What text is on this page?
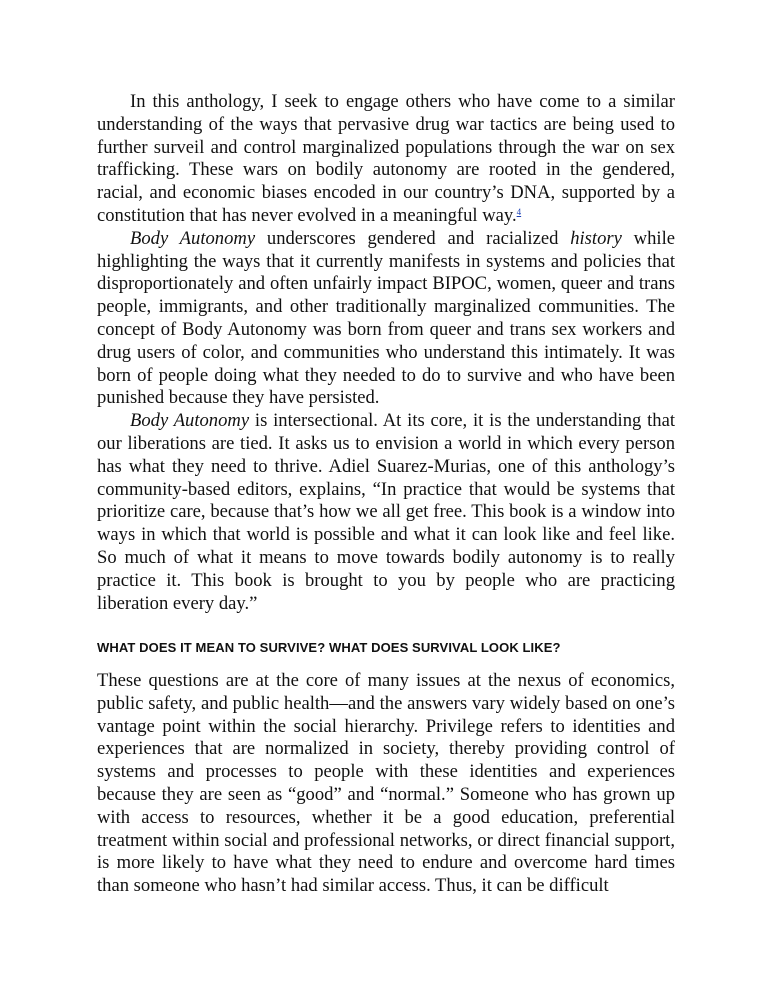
In this anthology, I seek to engage others who have come to a similar understanding of the ways that pervasive drug war tactics are being used to further surveil and control marginalized populations through the war on sex trafficking. These wars on bodily autonomy are rooted in the gendered, racial, and economic biases encoded in our country’s DNA, supported by a constitution that has never evolved in a meaningful way.$^4$

Body Autonomy underscores gendered and racialized history while highlighting the ways that it currently manifests in systems and policies that disproportionately and often unfairly impact BIPOC, women, queer and trans people, immigrants, and other traditionally marginalized communities. The concept of Body Autonomy was born from queer and trans sex workers and drug users of color, and communities who understand this intimately. It was born of people doing what they needed to do to survive and who have been punished because they have persisted.

Body Autonomy is intersectional. At its core, it is the understanding that our liberations are tied. It asks us to envision a world in which every person has what they need to thrive. Adiel Suarez-Murias, one of this anthology’s community-based editors, explains, “In practice that would be systems that prioritize care, because that’s how we all get free. This book is a window into ways in which that world is possible and what it can look like and feel like. So much of what it means to move towards bodily autonomy is to really practice it. This book is brought to you by people who are practicing liberation every day.”

WHAT DOES IT MEAN TO SURVIVE? WHAT DOES SURVIVAL LOOK LIKE?

These questions are at the core of many issues at the nexus of economics, public safety, and public health—and the answers vary widely based on one’s vantage point within the social hierarchy. Privilege refers to identities and experiences that are normalized in society, thereby providing control of systems and processes to people with these identities and experiences because they are seen as “good” and “normal.” Someone who has grown up with access to resources, whether it be a good education, preferential treatment within social and professional networks, or direct financial support, is more likely to have what they need to endure and overcome hard times than someone who hasn’t had similar access. Thus, it can be difficult
